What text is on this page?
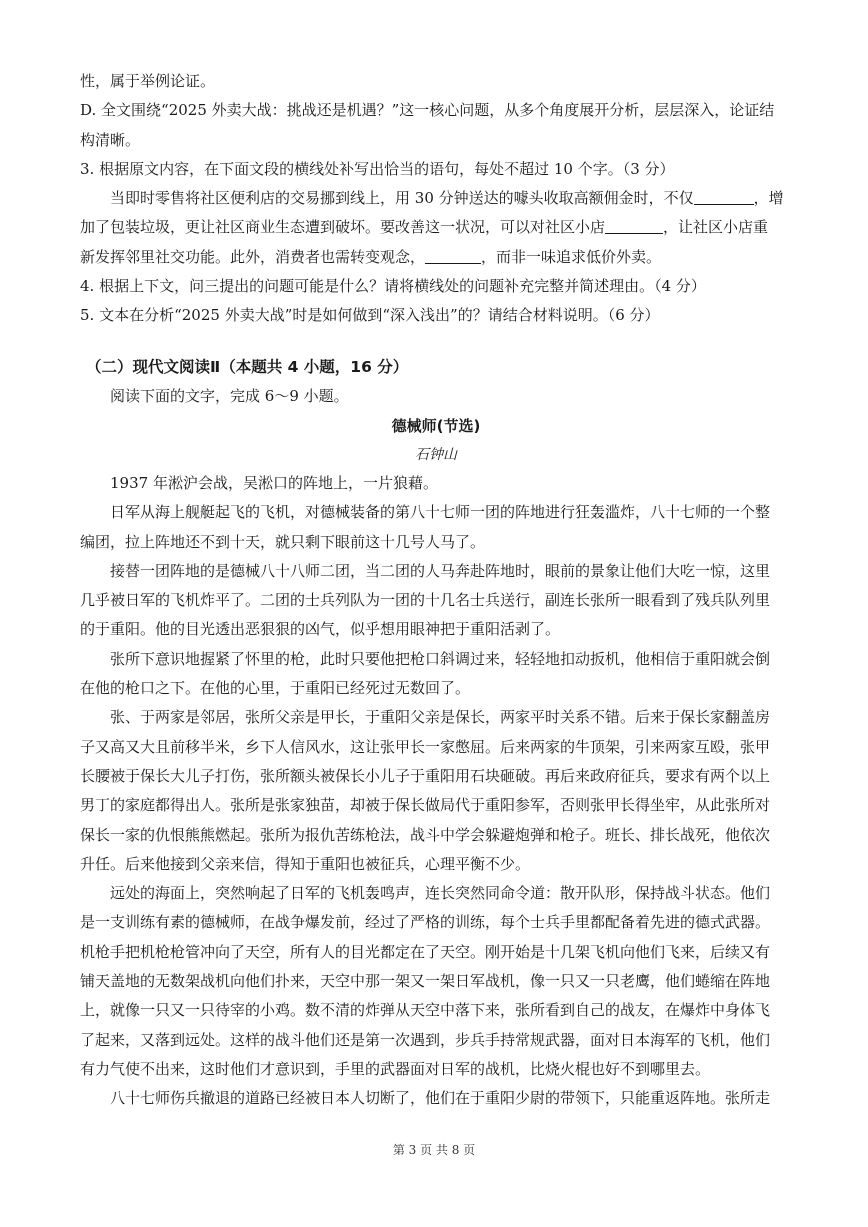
性，属于举例论证。
D. 全文围绕“2025 外卖大战：挑战还是机遇？”这一核心问题，从多个角度展开分析，层层深入，论证结
构清晰。
3. 根据原文内容，在下面文段的横线处补写出恰当的语句，每处不超过 10 个字。（3 分）
当即时零售将社区便利店的交易挪到线上，用 30 分钟送达的噱头收取高额佣金时，不仅	，增
加了包装垃圾，更让社区商业生态遭到破坏。要改善这一状况，可以对社区小店	，让社区小店重
新发挥邻里社交功能。此外，消费者也需转变观念，	，而非一味追求低价外卖。
4. 根据上下文，问三提出的问题可能是什么？请将横线处的问题补充完整并简述理由。（4 分）
5. 文本在分析“2025 外卖大战”时是如何做到“深入浅出”的？请结合材料说明。（6 分）
（二）现代文阅读Ⅱ（本题共 4 小题，16 分）
阅读下面的文字，完成 6～9 小题。
德械师(节选)
石钟山
1937 年淞沪会战，吴淞口的阵地上，一片狼藉。
日军从海上舰艇起飞的飞机，对德械装备的第八十七师一团的阵地进行狂轰滥炸，八十七师的一个整
编团，拉上阵地还不到十天，就只剩下眼前这十几号人马了。
接替一团阵地的是德械八十八师二团，当二团的人马奔赴阵地时，眼前的景象让他们大吃一惊，这里
几乎被日军的飞机炸平了。二团的士兵列队为一团的十几名士兵送行，副连长张所一眼看到了残兵队列里
的于重阳。他的目光透出恶狠狠的凶气，似乎想用眼神把于重阳活剥了。
张所下意识地握紧了怀里的枪，此时只要他把枪口斜调过来，轻轻地扣动扳机，他相信于重阳就会倒
在他的枪口之下。在他的心里，于重阳已经死过无数回了。
张、于两家是邻居，张所父亲是甲长，于重阳父亲是保长，两家平时关系不错。后来于保长家翻盖房
子又高又大且前移半米，乡下人信风水，这让张甲长一家憋屈。后来两家的牛顶架，引来两家互殴，张甲
长腰被于保长大儿子打伤，张所额头被保长小儿子于重阳用石块砸破。再后来政府征兵，要求有两个以上
男丁的家庭都得出人。张所是张家独苗，却被于保长做局代于重阳参军，否则张甲长得坐牢，从此张所对
保长一家的仇恨熊熊燃起。张所为报仇苦练枪法，战斗中学会躲避炮弹和枪子。班长、排长战死，他依次
升任。后来他接到父亲来信，得知于重阳也被征兵，心理平衡不少。
远处的海面上，突然响起了日军的飞机轰鸣声，连长突然同命令道：散开队形，保持战斗状态。他们
是一支训练有素的德械师，在战争爆发前，经过了严格的训练，每个士兵手里都配备着先进的德式武器。
机枪手把机枪枪管冲向了天空，所有人的目光都定在了天空。刚开始是十几架飞机向他们飞来，后续又有
铺天盖地的无数架战机向他们扑来，天空中那一架又一架日军战机，像一只又一只老鹰，他们蜷缩在阵地
上，就像一只又一只待宰的小鸡。数不清的炸弹从天空中落下来，张所看到自己的战友，在爆炸中身体飞
了起来，又落到远处。这样的战斗他们还是第一次遇到，步兵手持常规武器，面对日本海军的飞机，他们
有力气使不出来，这时他们才意识到，手里的武器面对日军的战机，比烧火棍也好不到哪里去。
八十七师伤兵撤退的道路已经被日本人切断了，他们在于重阳少尉的带领下，只能重返阵地。张所走
第 3 页 共 8 页
